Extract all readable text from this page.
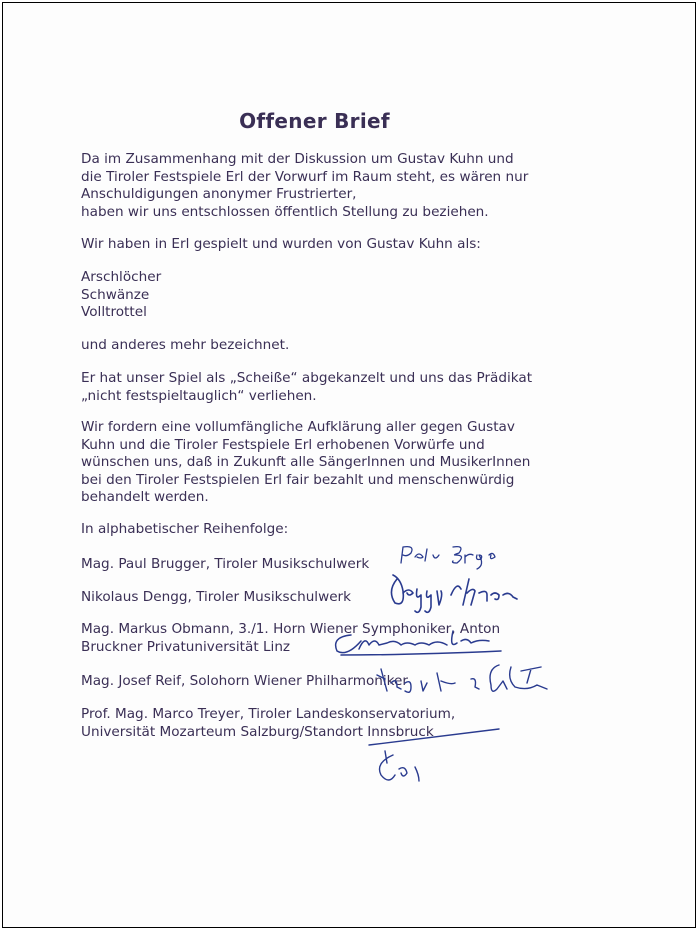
Offener Brief
Da im Zusammenhang mit der Diskussion um Gustav Kuhn und
die Tiroler Festspiele Erl der Vorwurf im Raum steht, es wären nur
Anschuldigungen anonymer Frustrierter,
haben wir uns entschlossen öffentlich Stellung zu beziehen.
Wir haben in Erl gespielt und wurden von Gustav Kuhn als:
Arschlöcher
Schwänze
Volltrottel
und anderes mehr bezeichnet.
Er hat unser Spiel als „Scheiße“ abgekanzelt und uns das Prädikat
„nicht festspieltauglich“ verliehen.
Wir fordern eine vollumfängliche Aufklärung aller gegen Gustav
Kuhn und die Tiroler Festspiele Erl erhobenen Vorwürfe und
wünschen uns, daß in Zukunft alle SängerInnen und MusikerInnen
bei den Tiroler Festspielen Erl fair bezahlt und menschenwürdig
behandelt werden.
In alphabetischer Reihenfolge:
Mag. Paul Brugger, Tiroler Musikschulwerk
Nikolaus Dengg, Tiroler Musikschulwerk
Mag. Markus Obmann, 3./1. Horn Wiener Symphoniker, Anton
Bruckner Privatuniversität Linz
Mag. Josef Reif, Solohorn Wiener Philharmoniker
Prof. Mag. Marco Treyer, Tiroler Landeskonservatorium,
Universität Mozarteum Salzburg/Standort Innsbruck
